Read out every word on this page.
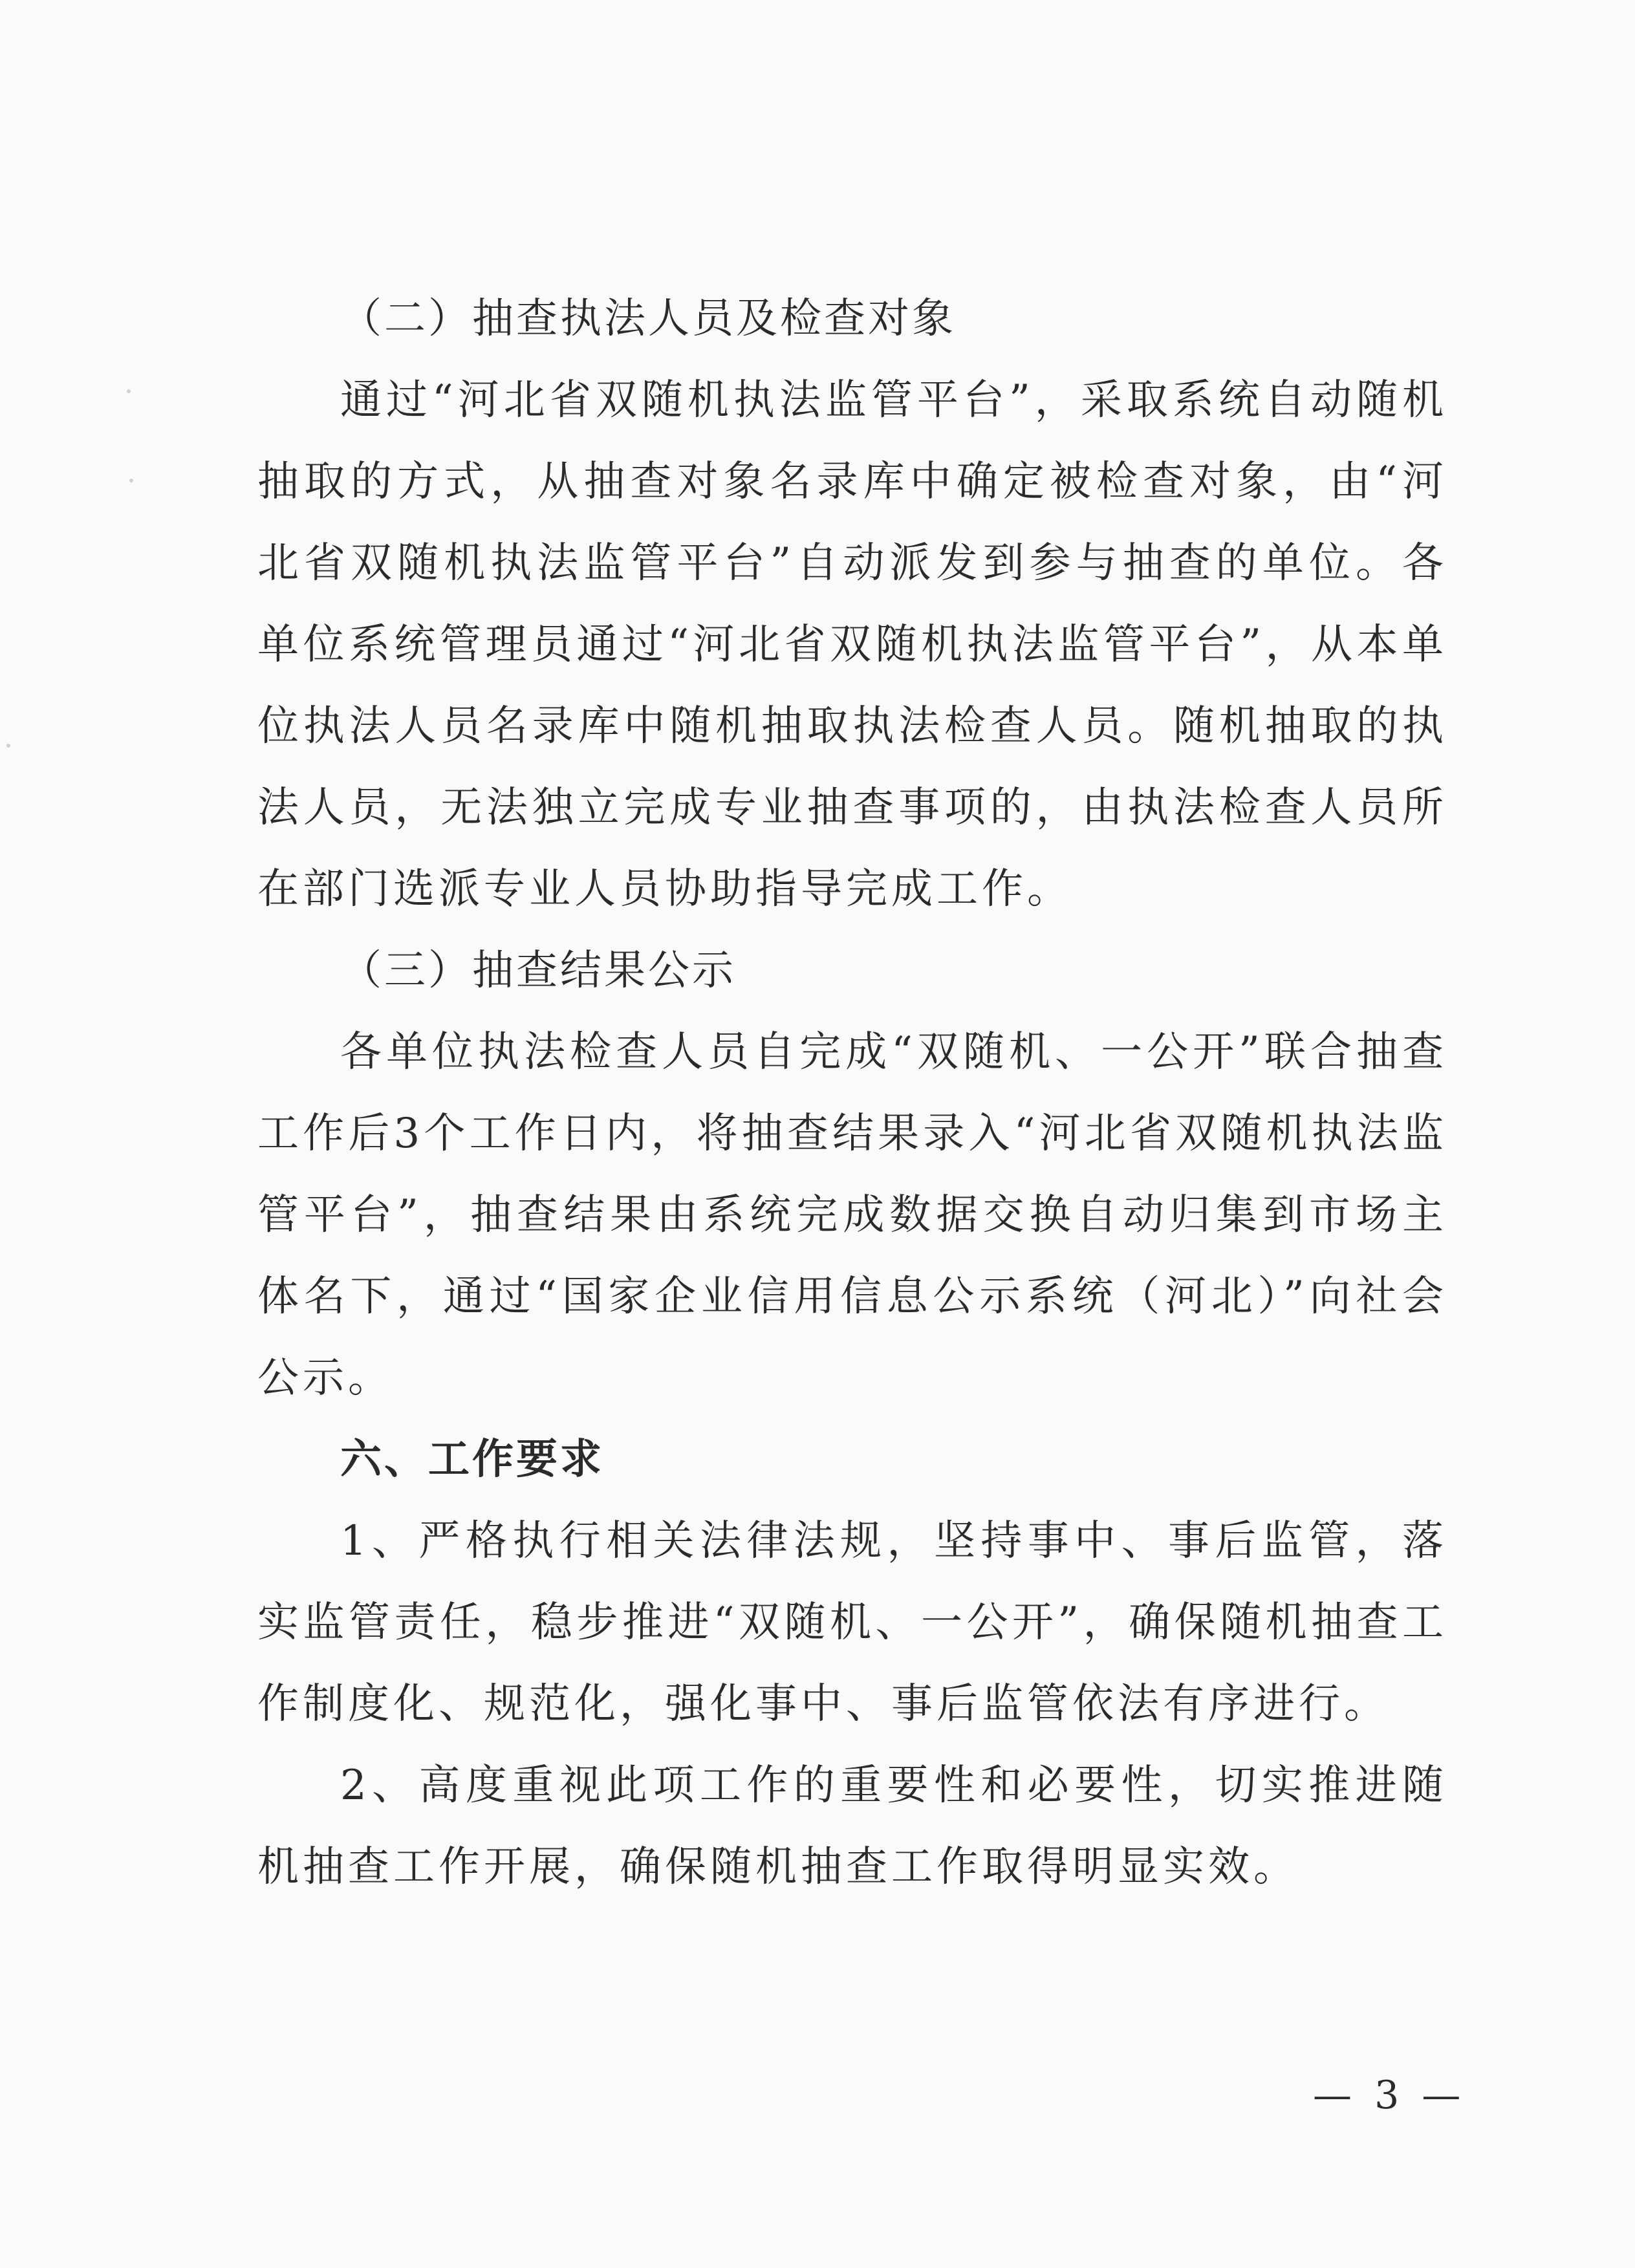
（二）抽查执法人员及检查对象

通过“河北省双随机执法监管平台”，采取系统自动随机抽取的方式，从抽查对象名录库中确定被检查对象，由“河北省双随机执法监管平台”自动派发到参与抽查的单位。各单位系统管理员通过“河北省双随机执法监管平台”，从本单位执法人员名录库中随机抽取执法检查人员。随机抽取的执法人员，无法独立完成专业抽查事项的，由执法检查人员所在部门选派专业人员协助指导完成工作。

（三）抽查结果公示

各单位执法检查人员自完成“双随机、一公开”联合抽查工作后3个工作日内，将抽查结果录入“河北省双随机执法监管平台”，抽查结果由系统完成数据交换自动归集到市场主体名下，通过“国家企业信用信息公示系统（河北）”向社会公示。

六、工作要求

1、严格执行相关法律法规，坚持事中、事后监管，落实监管责任，稳步推进“双随机、一公开”，确保随机抽查工作制度化、规范化，强化事中、事后监管依法有序进行。

2、高度重视此项工作的重要性和必要性，切实推进随机抽查工作开展，确保随机抽查工作取得明显实效。

— 3 —
